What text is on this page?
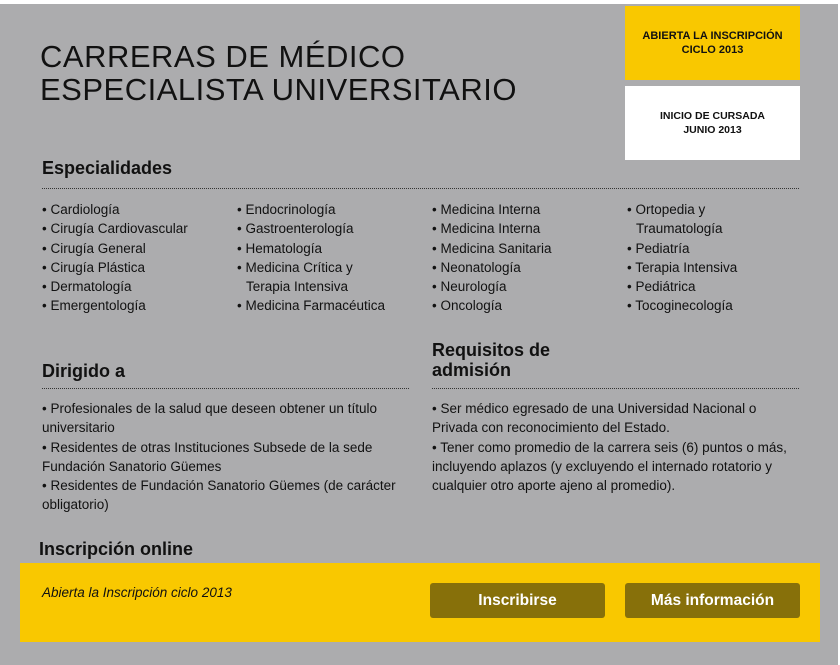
CARRERAS DE MÉDICO
ESPECIALISTA UNIVERSITARIO
ABIERTA LA INSCRIPCIÓN
CICLO 2013
INICIO DE CURSADA
JUNIO 2013
Especialidades
• Cardiología
• Cirugía Cardiovascular
• Cirugía General
• Cirugía Plástica
• Dermatología
• Emergentología
• Endocrinología
• Gastroenterología
• Hematología
• Medicina Crítica y
Terapia Intensiva
• Medicina Farmacéutica
• Medicina Interna
• Medicina Interna
• Medicina Sanitaria
• Neonatología
• Neurología
• Oncología
• Ortopedia y
Traumatología
• Pediatría
• Terapia Intensiva
• Pediátrica
• Tocoginecología
Dirigido a

• Profesionales de la salud que deseen obtener un título universitario

• Residentes de otras Instituciones Subsede de la sede Fundación Sanatorio Güemes

• Residentes de Fundación Sanatorio Güemes (de carácter obligatorio)

Requisitos de
admisión

• Ser médico egresado de una Universidad Nacional o Privada con reconocimiento del Estado.

• Tener como promedio de la carrera seis (6) puntos o más, incluyendo aplazos (y excluyendo el internado rotatorio y cualquier otro aporte ajeno al promedio).

Inscripción online
Abierta la Inscripción ciclo 2013	Inscribirse	Más información
